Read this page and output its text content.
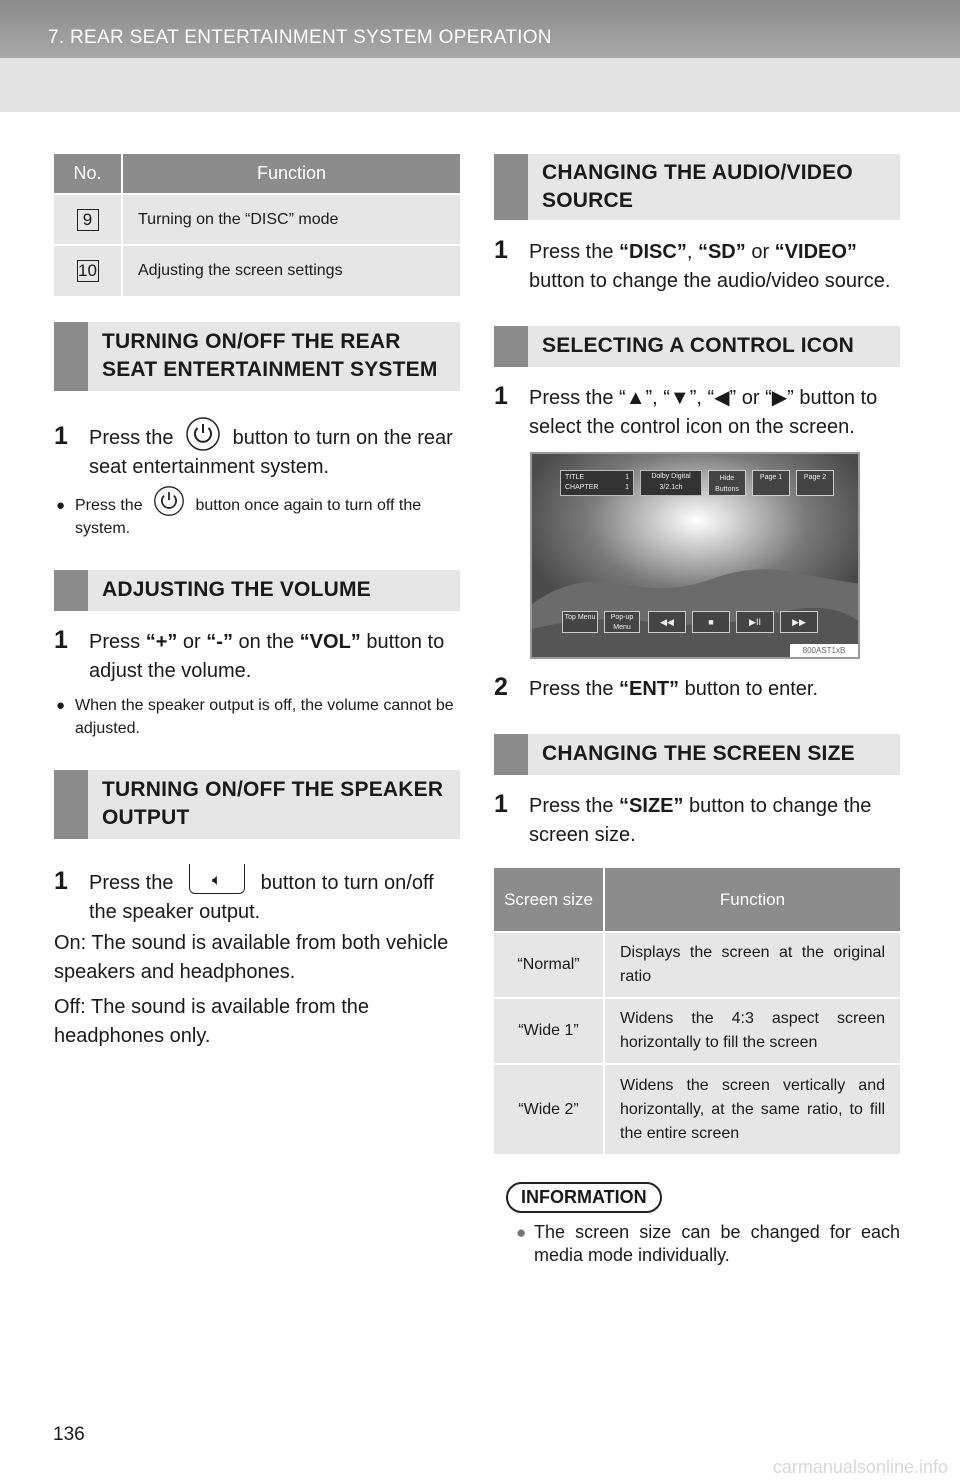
7. REAR SEAT ENTERTAINMENT SYSTEM OPERATION
No.	Function
9	Turning on the “DISC” mode
10	Adjusting the screen settings
TURNING ON/OFF THE REAR SEAT ENTERTAINMENT SYSTEM
1 Press the	button to turn on the rear seat entertainment system.
● Press the	button once again to turn off the system.
ADJUSTING THE VOLUME
1 Press “+” or “-” on the “VOL” button to adjust the volume.
● When the speaker output is off, the volume cannot be adjusted.
TURNING ON/OFF THE SPEAKER OUTPUT
1 Press the 🔈︎ button to turn on/off the speaker output.
On: The sound is available from both vehicle speakers and headphones.
Off: The sound is available from the headphones only.
CHANGING THE AUDIO/VIDEO SOURCE
1 Press the “DISC”, “SD” or “VIDEO” button to change the audio/video source.
SELECTING A CONTROL ICON
1 Press the “▲”, “▼”, “◀” or “▶” button to select the control icon on the screen.
TITLE	1

CHAPTER	1
Dolby Digital
3/2.1ch
Hide Buttons
Page 1	Page 2
Top Menu	Pop-up Menu
◀◀	■	▶II	▶▶
800AST1xB
2 Press the “ENT” button to enter.
CHANGING THE SCREEN SIZE
1 Press the “SIZE” button to change the screen size.
Screen size	Function
“Normal”	Displays the screen at the original ratio
“Wide 1”	Widens the 4:3 aspect screen horizontally to fill the screen
“Wide 2”	Widens the screen vertically and horizontally, at the same ratio, to fill the entire screen
INFORMATION
● The screen size can be changed for each media mode individually.
136
carmanualsonline.info
